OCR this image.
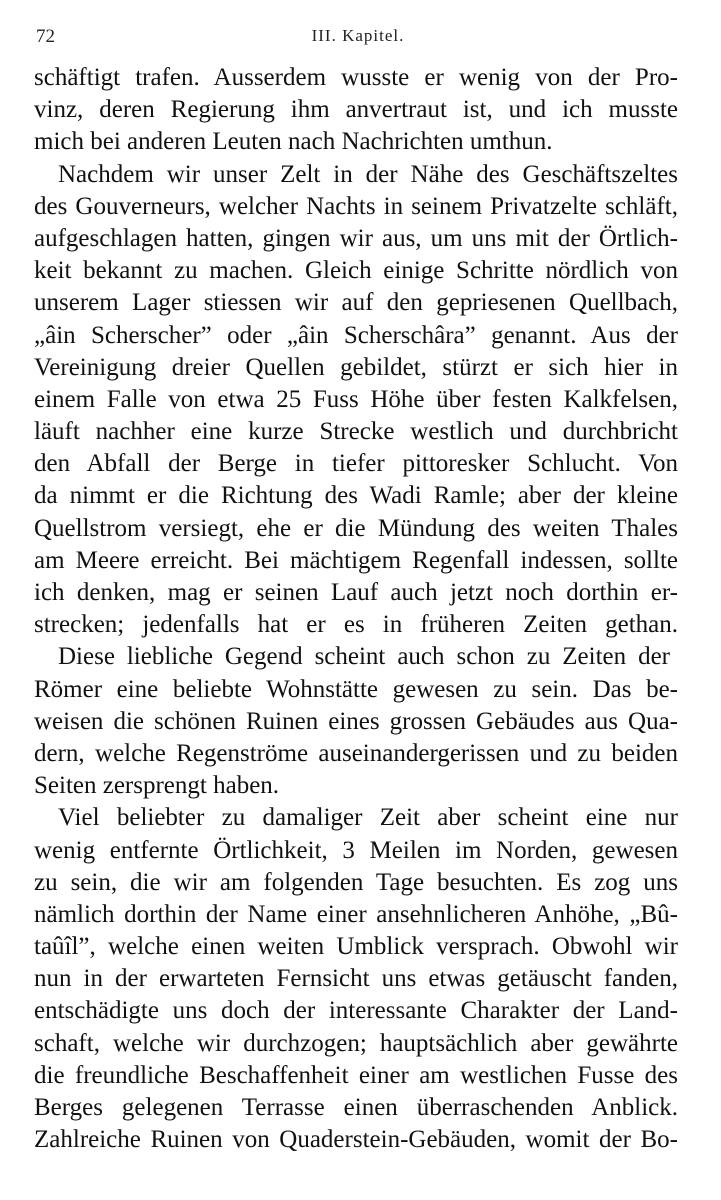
72	III. Kapitel.
schäftigt trafen. Ausserdem wusste er wenig von der Pro-
vinz, deren Regierung ihm anvertraut ist, und ich musste
mich bei anderen Leuten nach Nachrichten umthun.
Nachdem wir unser Zelt in der Nähe des Geschäftszeltes
des Gouverneurs, welcher Nachts in seinem Privatzelte schläft,
aufgeschlagen hatten, gingen wir aus, um uns mit der Örtlich-
keit bekannt zu machen. Gleich einige Schritte nördlich von
unserem Lager stiessen wir auf den gepriesenen Quellbach,
„âin Scherscher” oder „âin Scherschâra” genannt. Aus der
Vereinigung dreier Quellen gebildet, stürzt er sich hier in
einem Falle von etwa 25 Fuss Höhe über festen Kalkfelsen,
läuft nachher eine kurze Strecke westlich und durchbricht
den Abfall der Berge in tiefer pittoresker Schlucht. Von
da nimmt er die Richtung des Wadi Ramle; aber der kleine
Quellstrom versiegt, ehe er die Mündung des weiten Thales
am Meere erreicht. Bei mächtigem Regenfall indessen, sollte
ich denken, mag er seinen Lauf auch jetzt noch dorthin er-
strecken; jedenfalls hat er es in früheren Zeiten gethan.
Diese liebliche Gegend scheint auch schon zu Zeiten der
Römer eine beliebte Wohnstätte gewesen zu sein. Das be-
weisen die schönen Ruinen eines grossen Gebäudes aus Qua-
dern, welche Regenströme auseinandergerissen und zu beiden
Seiten zersprengt haben.
Viel beliebter zu damaliger Zeit aber scheint eine nur
wenig entfernte Örtlichkeit, 3 Meilen im Norden, gewesen
zu sein, die wir am folgenden Tage besuchten. Es zog uns
nämlich dorthin der Name einer ansehnlicheren Anhöhe, „Bû-
taûîl”, welche einen weiten Umblick versprach. Obwohl wir
nun in der erwarteten Fernsicht uns etwas getäuscht fanden,
entschädigte uns doch der interessante Charakter der Land-
schaft, welche wir durchzogen; hauptsächlich aber gewährte
die freundliche Beschaffenheit einer am westlichen Fusse des
Berges gelegenen Terrasse einen überraschenden Anblick.
Zahlreiche Ruinen von Quaderstein-Gebäuden, womit der Bo-
